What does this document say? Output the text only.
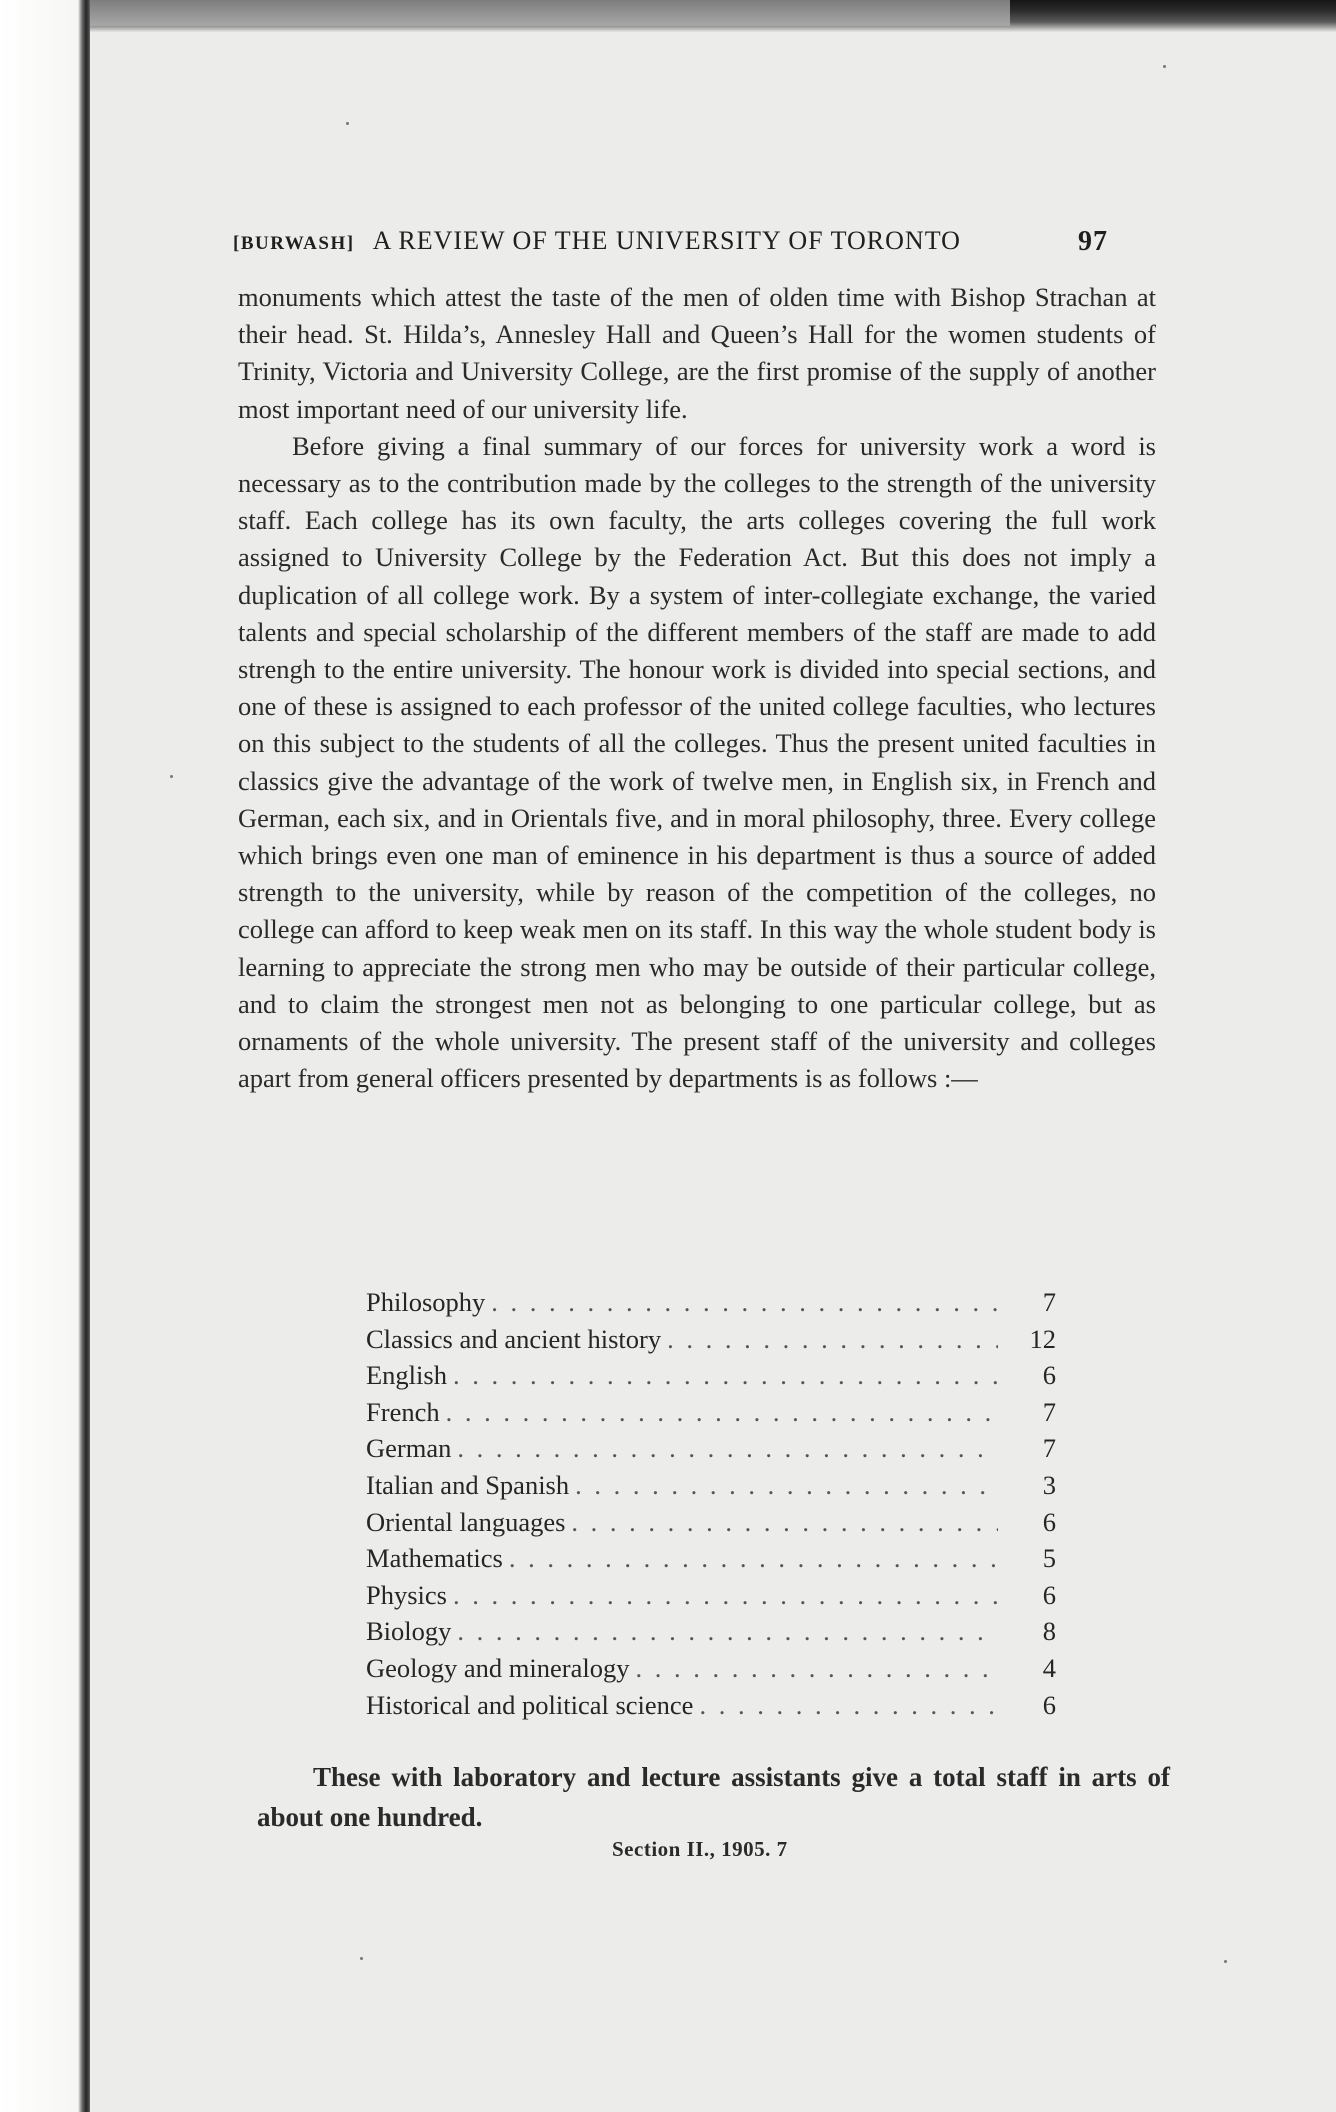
[BURWASH] A REVIEW OF THE UNIVERSITY OF TORONTO	97

monuments which attest the taste of the men of olden time with Bishop Strachan at their head. St. Hilda’s, Annesley Hall and Queen’s Hall for the women students of Trinity, Victoria and University College, are the first promise of the supply of another most important need of our university life.

Before giving a final summary of our forces for university work a word is necessary as to the contribution made by the colleges to the strength of the university staff. Each college has its own faculty, the arts colleges covering the full work assigned to University College by the Federation Act. But this does not imply a duplication of all college work. By a system of inter-collegiate exchange, the varied talents and special scholarship of the different members of the staff are made to add strengh to the entire university. The honour work is divided into special sections, and one of these is assigned to each professor of the united college faculties, who lectures on this subject to the students of all the colleges. Thus the present united faculties in classics give the advantage of the work of twelve men, in English six, in French and German, each six, and in Orientals five, and in moral philosophy, three. Every college which brings even one man of eminence in his department is thus a source of added strength to the university, while by reason of the competition of the colleges, no college can afford to keep weak men on its staff. In this way the whole student body is learning to appreciate the strong men who may be outside of their particular college, and to claim the strongest men not as belonging to one particular college, but as ornaments of the whole university. The present staff of the university and colleges apart from general officers presented by departments is as follows :—

Philosophy . . .	7
Classics and ancient history . . .	12
English . . .	6
French . . .	7
German . . .	7
Italian and Spanish . . .	3
Oriental languages . . .	6
Mathematics . . .	5
Physics . . .	6
Biology . . .	8
Geology and mineralogy . . .	4
Historical and political science . . .	6

These with laboratory and lecture assistants give a total staff in arts of about one hundred.

Section II., 1905. 7
